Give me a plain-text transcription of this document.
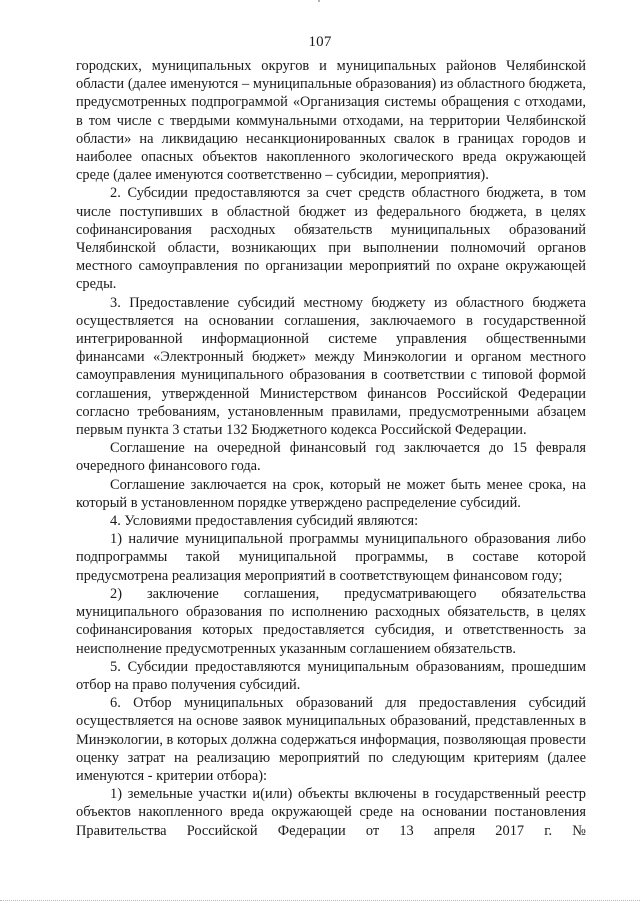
107

городских, муниципальных округов и муниципальных районов Челябинской области (далее именуются – муниципальные образования) из областного бюджета, предусмотренных подпрограммой «Организация системы обращения с отходами, в том числе с твердыми коммунальными отходами, на территории Челябинской области» на ликвидацию несанкционированных свалок в границах городов и наиболее опасных объектов накопленного экологического вреда окружающей среде (далее именуются соответственно – субсидии, мероприятия).

2. Субсидии предоставляются за счет средств областного бюджета, в том числе поступивших в областной бюджет из федерального бюджета, в целях софинансирования расходных обязательств муниципальных образований Челябинской области, возникающих при выполнении полномочий органов местного самоуправления по организации мероприятий по охране окружающей среды.

3. Предоставление субсидий местному бюджету из областного бюджета осуществляется на основании соглашения, заключаемого в государственной интегрированной информационной системе управления общественными финансами «Электронный бюджет» между Минэкологии и органом местного самоуправления муниципального образования в соответствии с типовой формой соглашения, утвержденной Министерством финансов Российской Федерации согласно требованиям, установленным правилами, предусмотренными абзацем первым пункта 3 статьи 132 Бюджетного кодекса Российской Федерации.

Соглашение на очередной финансовый год заключается до 15 февраля очередного финансового года.

Соглашение заключается на срок, который не может быть менее срока, на который в установленном порядке утверждено распределение субсидий.

4. Условиями предоставления субсидий являются:

1) наличие муниципальной программы муниципального образования либо подпрограммы такой муниципальной программы, в составе которой предусмотрена реализация мероприятий в соответствующем финансовом году;

2) заключение соглашения, предусматривающего обязательства муниципального образования по исполнению расходных обязательств, в целях софинансирования которых предоставляется субсидия, и ответственность за неисполнение предусмотренных указанным соглашением обязательств.

5. Субсидии предоставляются муниципальным образованиям, прошедшим отбор на право получения субсидий.

6. Отбор муниципальных образований для предоставления субсидий осуществляется на основе заявок муниципальных образований, представленных в Минэкологии, в которых должна содержаться информация, позволяющая провести оценку затрат на реализацию мероприятий по следующим критериям (далее именуются - критерии отбора):

1) земельные участки и(или) объекты включены в государственный реестр объектов накопленного вреда окружающей среде на основании постановления Правительства Российской Федерации от 13 апреля 2017 г. №
